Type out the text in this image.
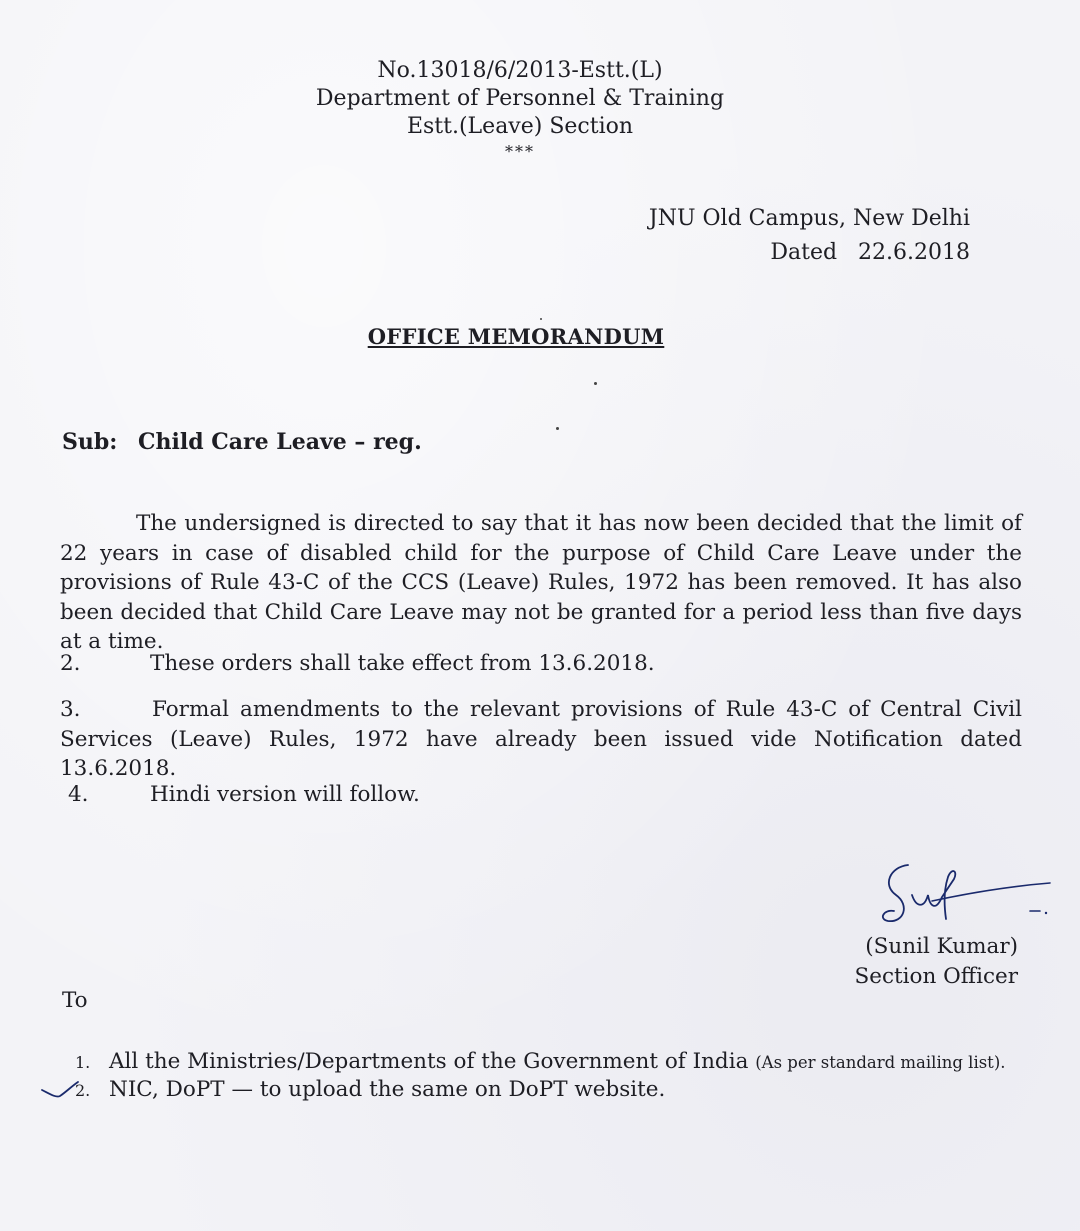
No.13018/6/2013-Estt.(L)
Department of Personnel & Training
Estt.(Leave) Section
***
JNU Old Campus, New Delhi
Dated 22.6.2018
OFFICE MEMORANDUM
Sub: Child Care Leave – reg.
The undersigned is directed to say that it has now been decided that the limit of 22 years in case of disabled child for the purpose of Child Care Leave under the provisions of Rule 43-C of the CCS (Leave) Rules, 1972 has been removed. It has also been decided that Child Care Leave may not be granted for a period less than five days at a time.
2.	These orders shall take effect from 13.6.2018.
3.	Formal amendments to the relevant provisions of Rule 43-C of Central Civil Services (Leave) Rules, 1972 have already been issued vide Notification dated 13.6.2018.
4.	Hindi version will follow.
(Sunil Kumar)
Section Officer
To
1. All the Ministries/Departments of the Government of India (As per standard mailing list).
2. NIC, DoPT — to upload the same on DoPT website.
